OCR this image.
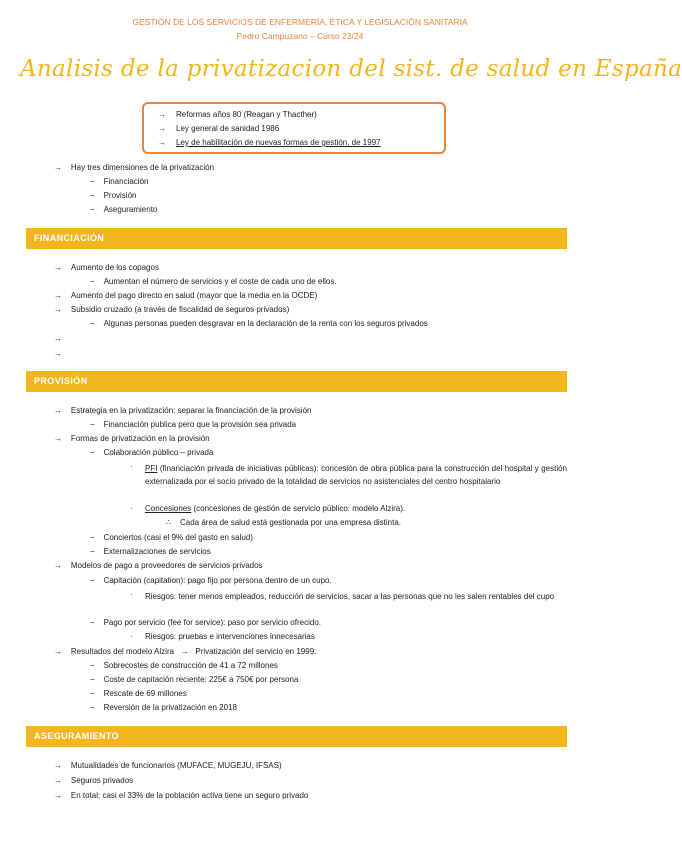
GESTIÓN DE LOS SERVICIOS DE ENFERMERÍA, ÉTICA Y LEGISLACIÓN SANITARIA
Pedro Campuzano – Curso 23/24
Analisis de la privatizacion del sist. de salud en España
→ Reformas años 80 (Reagan y Thacther)
→ Ley general de sanidad 1986
→ Ley de habilitación de nuevas formas de gestión, de 1997
→ Hay tres dimensiones de la privatización
− Financiación
− Provisión
− Aseguramiento
FINANCIACIÓN
→ Aumento de los copagos
− Aumentan el número de servicios y el coste de cada uno de ellos.
→ Aumento del pago directo en salud (mayor que la media en la OCDE)
→ Subsidio cruzado (a través de fiscalidad de seguros privados)
− Algunas personas pueden desgravar en la declaración de la renta con los seguros privados
→
→
PROVISIÓN
→ Estrategia en la privatización: separar la financiación de la provisión
− Financiación publica pero que la provisión sea privada
→ Formas de privatización en la provisión
− Colaboración público – privada
· PFI (financiación privada de iniciativas públicas): concesión de obra pública para la construcción del hospital y gestión externalizada por el socio privado de la totalidad de servicios no asistenciales del centro hospitalario
· Concesiones (concesiones de gestión de servicio público: modelo Alzira).
∴ Cada área de salud está gestionada por una empresa distinta.
− Conciertos (casi el 9% del gasto en salud)
− Externalizaciones de servicios
→ Modelos de pago a proveedores de servicios privados
− Capitación (capitation): pago fijo por persona dentro de un cupo.
· Riesgos: tener menos empleados, reducción de servicios, sacar a las personas que no les salen rentables del cupo
− Pago por servicio (fee for service): paso por servicio ofrecido.
· Riesgos: pruebas e intervenciones innecesarias
→ Resultados del modelo Alzira → Privatización del servicio en 1999:
− Sobrecostes de construcción de 41 a 72 millones
− Coste de capitación reciente: 225€ a 750€ por persona
− Rescate de 69 millones
− Reversión de la privatización en 2018
ASEGURAMIENTO
→ Mutualidades de funcionarios (MUFACE, MUGEJU, IFSAS)
→ Seguros privados
→ En total: casi el 33% de la población activa tiene un seguro privado
